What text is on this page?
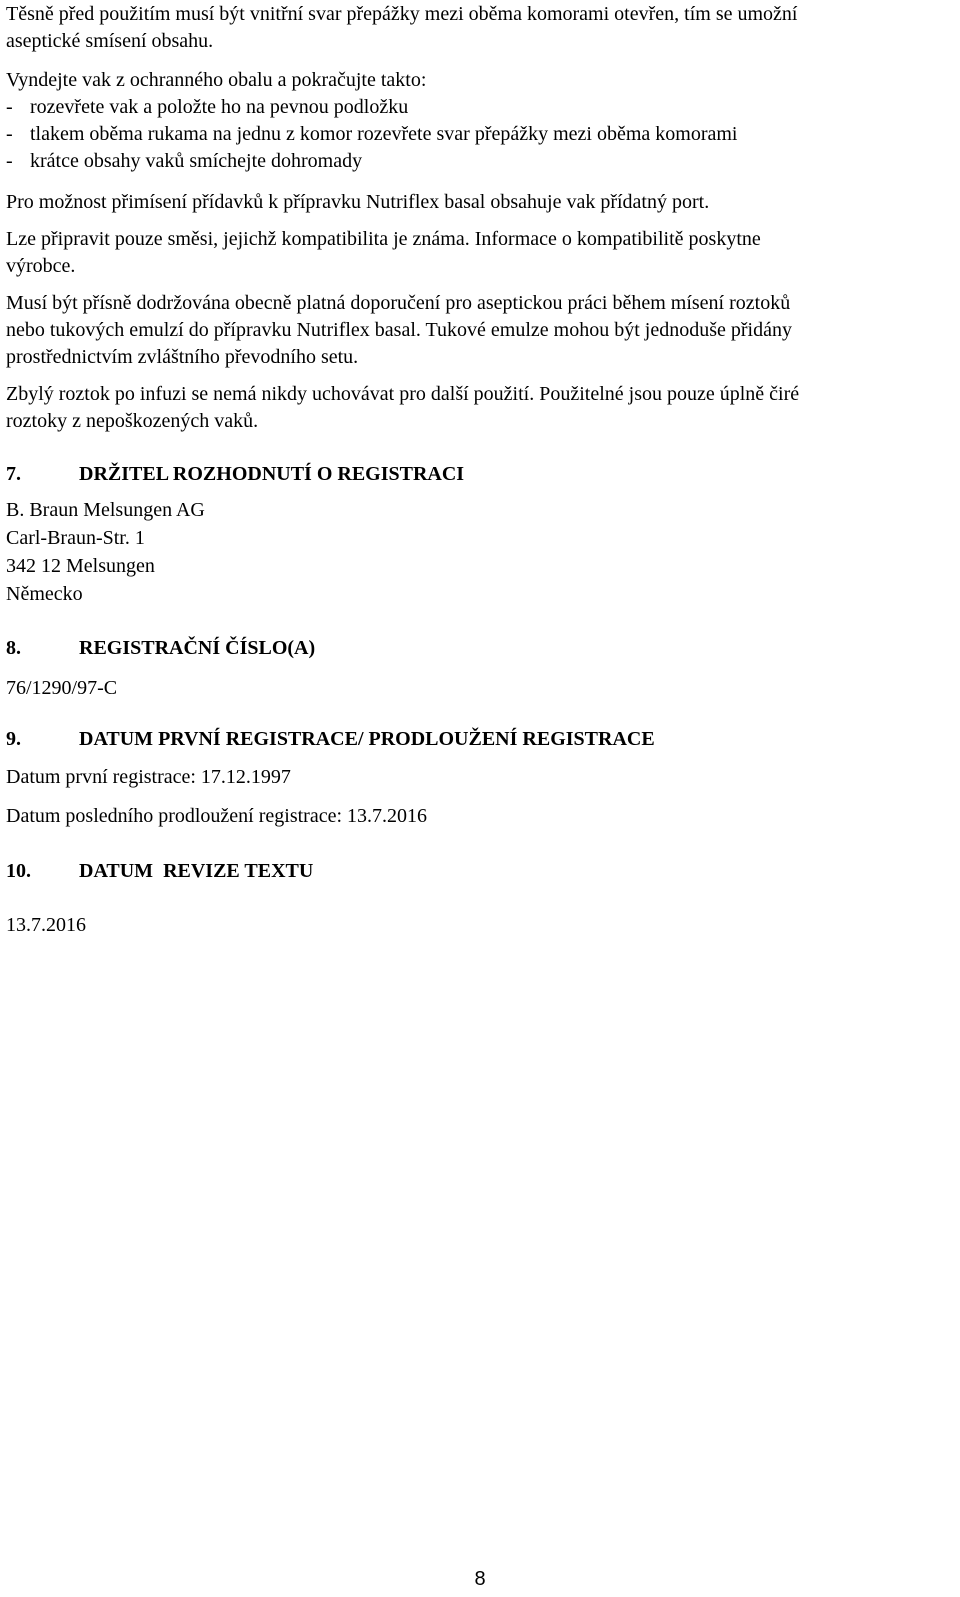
Těsně před použitím musí být vnitřní svar přepážky mezi oběma komorami otevřen, tím se umožní

aseptické smísení obsahu.

Vyndejte vak z ochranného obalu a pokračujte takto:

- rozevřete vak a položte ho na pevnou podložku

- tlakem oběma rukama na jednu z komor rozevřete svar přepážky mezi oběma komorami

- krátce obsahy vaků smíchejte dohromady

Pro možnost přimísení přídavků k přípravku Nutriflex basal obsahuje vak přídatný port.

Lze připravit pouze směsi, jejichž kompatibilita je známa. Informace o kompatibilitě poskytne

výrobce.

Musí být přísně dodržována obecně platná doporučení pro aseptickou práci během mísení roztoků

nebo tukových emulzí do přípravku Nutriflex basal. Tukové emulze mohou být jednoduše přidány

prostřednictvím zvláštního převodního setu.

Zbylý roztok po infuzi se nemá nikdy uchovávat pro další použití. Použitelné jsou pouze úplně čiré

roztoky z nepoškozených vaků.

7.	DRŽITEL ROZHODNUTÍ O REGISTRACI

B. Braun Melsungen AG

Carl-Braun-Str. 1

342 12 Melsungen

Německo

8.	REGISTRAČNÍ ČÍSLO(A)

76/1290/97-C

9.	DATUM PRVNÍ REGISTRACE/ PRODLOUŽENÍ REGISTRACE

Datum první registrace: 17.12.1997

Datum posledního prodloužení registrace: 13.7.2016

10.	DATUM  REVIZE TEXTU

13.7.2016

8
